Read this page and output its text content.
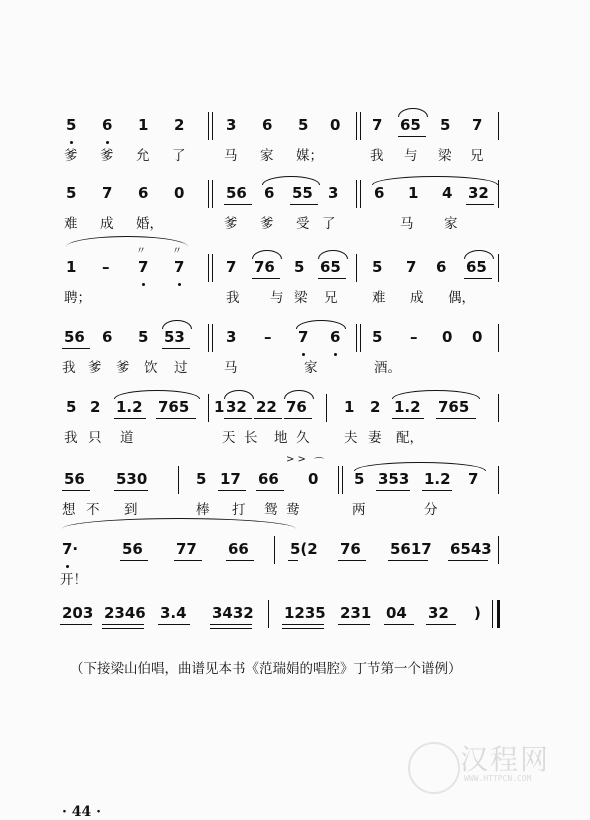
5 6 1 2	3 6 5 0 7 65 5 7
爹 爹 允 了	马 家 媒；	我 与 梁 兄
5 7 6 0	56 6 55 3 6 1 4 32
难 成 婚，	爹 爹 受 了	马 家
〃	〃
1 – 7 7	7 76 5 65 5 7 6 65
聘；	我 与 梁 兄	难 成 偶，
56 6 5 53	3 – 7 6 5 – 0 0
我 爹 爹 饮 过	马	家	酒。
5 2 1.2 765 1 32 22 76 1 2 1.2 765
我 只 道	天 长 地 久	夫 妻 配，
> > ⌒
56 530	5 17 66 0 5 353 1.2 7
想 不 到	棒 打 鸳 鸯	两	分
7·	56 77 66	5(2 76 5617 6543
开！
203 2346 3.4 3432 1235 231 04 32 )
（下接梁山伯唱，曲谱见本书《范瑞娟的唱腔》丁节第一个谱例）
汉程网
WWW.HTTPCN.COM
· 44 ·
